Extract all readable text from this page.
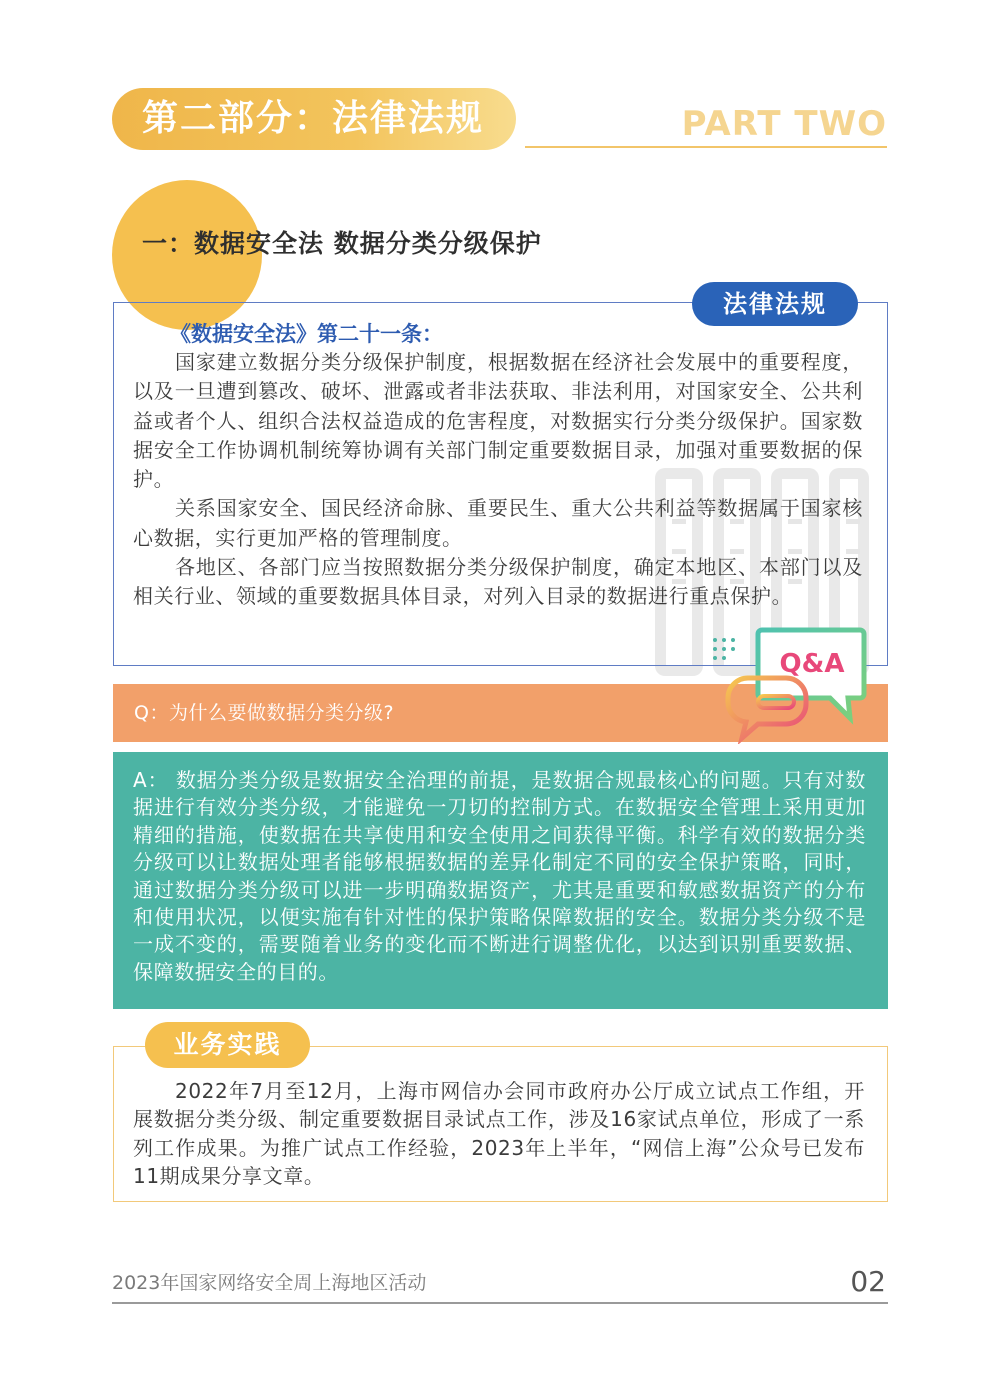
第二部分：法律法规	PART TWO
一：数据安全法 数据分类分级保护
法律法规
《数据安全法》第二十一条：

国家建立数据分类分级保护制度，根据数据在经济社会发展中的重要程度，以及一旦遭到篡改、破坏、泄露或者非法获取、非法利用，对国家安全、公共利益或者个人、组织合法权益造成的危害程度，对数据实行分类分级保护。国家数据安全工作协调机制统筹协调有关部门制定重要数据目录，加强对重要数据的保护。

关系国家安全、国民经济命脉、重要民生、重大公共利益等数据属于国家核心数据，实行更加严格的管理制度。

各地区、各部门应当按照数据分类分级保护制度，确定本地区、本部门以及相关行业、领域的重要数据具体目录，对列入目录的数据进行重点保护。

Q：为什么要做数据分类分级?
Q&A
A： 数据分类分级是数据安全治理的前提，是数据合规最核心的问题。只有对数据进行有效分类分级，才能避免一刀切的控制方式。在数据安全管理上采用更加精细的措施，使数据在共享使用和安全使用之间获得平衡。科学有效的数据分类分级可以让数据处理者能够根据数据的差异化制定不同的安全保护策略，同时，通过数据分类分级可以进一步明确数据资产，尤其是重要和敏感数据资产的分布和使用状况，以便实施有针对性的保护策略保障数据的安全。数据分类分级不是一成不变的，需要随着业务的变化而不断进行调整优化，以达到识别重要数据、保障数据安全的目的。
业务实践
2022年7月至12月，上海市网信办会同市政府办公厅成立试点工作组，开展数据分类分级、制定重要数据目录试点工作，涉及16家试点单位，形成了一系列工作成果。为推广试点工作经验，2023年上半年，“网信上海”公众号已发布11期成果分享文章。
2023年国家网络安全周上海地区活动	02
